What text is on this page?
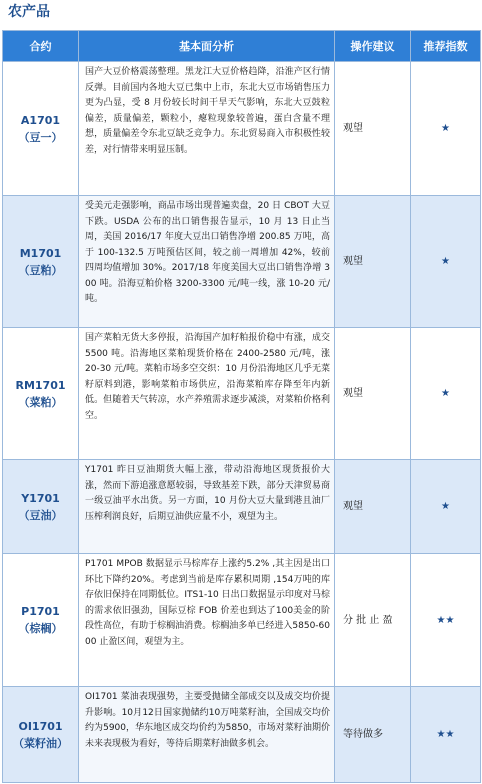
农产品
合约	基本面分析	操作建议	推荐指数

A1701
（豆一）	国产大豆价格震荡整理。黑龙江大豆价格趋降，沿淮产区行情反弹。目前国内各地大豆已集中上市，东北大豆市场销售压力更为凸显，受 8 月份较长时间干旱天气影响，东北大豆鼓粒偏差，质量偏差，颗粒小，瘪粒现象较普遍，蛋白含量不理想，质量偏差令东北豆缺乏竞争力。东北贸易商入市积极性较差，对行情带来明显压制。	观望	★

M1701
（豆粕）	受美元走强影响，商品市场出现普遍卖盘，20 日 CBOT 大豆下跌。USDA 公布的出口销售报告显示，10 月 13 日止当周，美国 2016/17 年度大豆出口销售净增 200.85 万吨，高于 100-132.5 万吨预估区间，较之前一周增加 42%，较前四周均值增加 30%。2017/18 年度美国大豆出口销售净增 300 吨。沿海豆粕价格 3200-3300 元/吨一线，涨 10-20 元/吨。	观望	★

RM1701
（菜粕）	国产菜粕无货大多停报，沿海国产加籽粕报价稳中有涨，成交 5500 吨。沿海地区菜粕现货价格在 2400-2580 元/吨，涨 20-30 元/吨。菜粕市场多空交织：10 月份沿海地区几乎无菜籽原料到港，影响菜粕市场供应，沿海菜粕库存降至年内新低。但随着天气转凉，水产养殖需求逐步减淡，对菜粕价格利空。	观望	★

Y1701
（豆油）	Y1701 昨日豆油期货大幅上涨，带动沿海地区现货报价大涨，然而下游追涨意愿较弱，导致基差下跌，部分天津贸易商一级豆油平水出货。另一方面，10 月份大豆大量到港且油厂压榨利润良好，后期豆油供应量不小，观望为主。	观望	★

P1701
（棕榈）	P1701 MPOB 数据显示马棕库存上涨约5.2% ,其主因是出口环比下降约20%。考虑到当前是库存累积周期 ,154万吨的库存依旧保持在同期低位。ITS1-10 日出口数据显示印度对马棕的需求依旧强劲，国际豆棕 FOB 价差也到达了100美金的阶段性高位，有助于棕榈油消费。棕榈油多单已经进入5850-6000 止盈区间，观望为主。	分 批 止 盈	★★

OI1701
（菜籽油）	OI1701 菜油表现强势，主要受抛储全部成交以及成交均价提升影响。10月12日国家抛储约10万吨菜籽油，全国成交均价约为5900，华东地区成交均价约为5850，市场对菜籽油期价未来表现极为看好，等待后期菜籽油做多机会。	等待做多	★★
